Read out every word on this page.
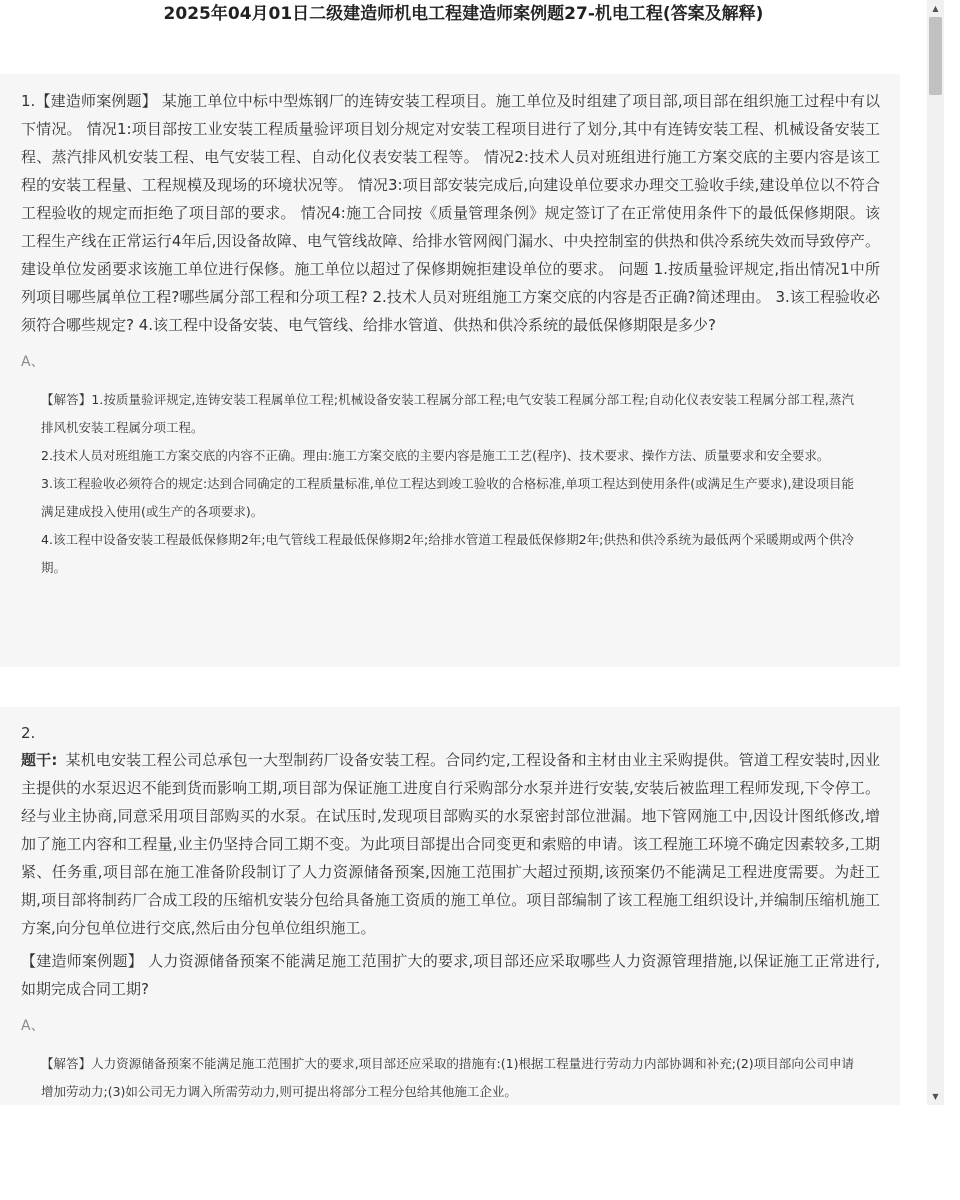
2025年04月01日二级建造师机电工程建造师案例题27-机电工程(答案及解释)

1.【建造师案例题】 某施工单位中标中型炼钢厂的连铸安装工程项目。施工单位及时组建了项目部,项目部在组织施工过程中有以下情况。 情况1:项目部按工业安装工程质量验评项目划分规定对安装工程项目进行了划分,其中有连铸安装工程、机械设备安装工程、蒸汽排风机安装工程、电气安装工程、自动化仪表安装工程等。 情况2:技术人员对班组进行施工方案交底的主要内容是该工程的安装工程量、工程规模及现场的环境状况等。 情况3:项目部安装完成后,向建设单位要求办理交工验收手续,建设单位以不符合工程验收的规定而拒绝了项目部的要求。 情况4:施工合同按《质量管理条例》规定签订了在正常使用条件下的最低保修期限。该工程生产线在正常运行4年后,因设备故障、电气管线故障、给排水管网阀门漏水、中央控制室的供热和供冷系统失效而导致停产。建设单位发函要求该施工单位进行保修。施工单位以超过了保修期婉拒建设单位的要求。 问题 1.按质量验评规定,指出情况1中所列项目哪些属单位工程?哪些属分部工程和分项工程? 2.技术人员对班组施工方案交底的内容是否正确?简述理由。 3.该工程验收必须符合哪些规定? 4.该工程中设备安装、电气管线、给排水管道、供热和供冷系统的最低保修期限是多少?

A、

【解答】1.按质量验评规定,连铸安装工程属单位工程;机械设备安装工程属分部工程;电气安装工程属分部工程;自动化仪表安装工程属分部工程,蒸汽排风机安装工程属分项工程。

2.技术人员对班组施工方案交底的内容不正确。理由:施工方案交底的主要内容是施工工艺(程序)、技术要求、操作方法、质量要求和安全要求。

3.该工程验收必须符合的规定:达到合同确定的工程质量标准,单位工程达到竣工验收的合格标准,单项工程达到使用条件(或满足生产要求),建设项目能满足建成投入使用(或生产的各项要求)。

4.该工程中设备安装工程最低保修期2年;电气管线工程最低保修期2年;给排水管道工程最低保修期2年;供热和供冷系统为最低两个采暖期或两个供冷期。

2.

题干: 某机电安装工程公司总承包一大型制药厂设备安装工程。合同约定,工程设备和主材由业主采购提供。管道工程安装时,因业主提供的水泵迟迟不能到货而影响工期,项目部为保证施工进度自行采购部分水泵并进行安装,安装后被监理工程师发现,下令停工。经与业主协商,同意采用项目部购买的水泵。在试压时,发现项目部购买的水泵密封部位泄漏。地下管网施工中,因设计图纸修改,增加了施工内容和工程量,业主仍坚持合同工期不变。为此项目部提出合同变更和索赔的申请。该工程施工环境不确定因素较多,工期紧、任务重,项目部在施工准备阶段制订了人力资源储备预案,因施工范围扩大超过预期,该预案仍不能满足工程进度需要。为赶工期,项目部将制药厂合成工段的压缩机安装分包给具备施工资质的施工单位。项目部编制了该工程施工组织设计,并编制压缩机施工方案,向分包单位进行交底,然后由分包单位组织施工。

【建造师案例题】 人力资源储备预案不能满足施工范围扩大的要求,项目部还应采取哪些人力资源管理措施,以保证施工正常进行,如期完成合同工期?

A、

【解答】人力资源储备预案不能满足施工范围扩大的要求,项目部还应采取的措施有:(1)根据工程量进行劳动力内部协调和补充;(2)项目部向公司申请增加劳动力;(3)如公司无力调入所需劳动力,则可提出将部分工程分包给其他施工企业。

▲
▼
